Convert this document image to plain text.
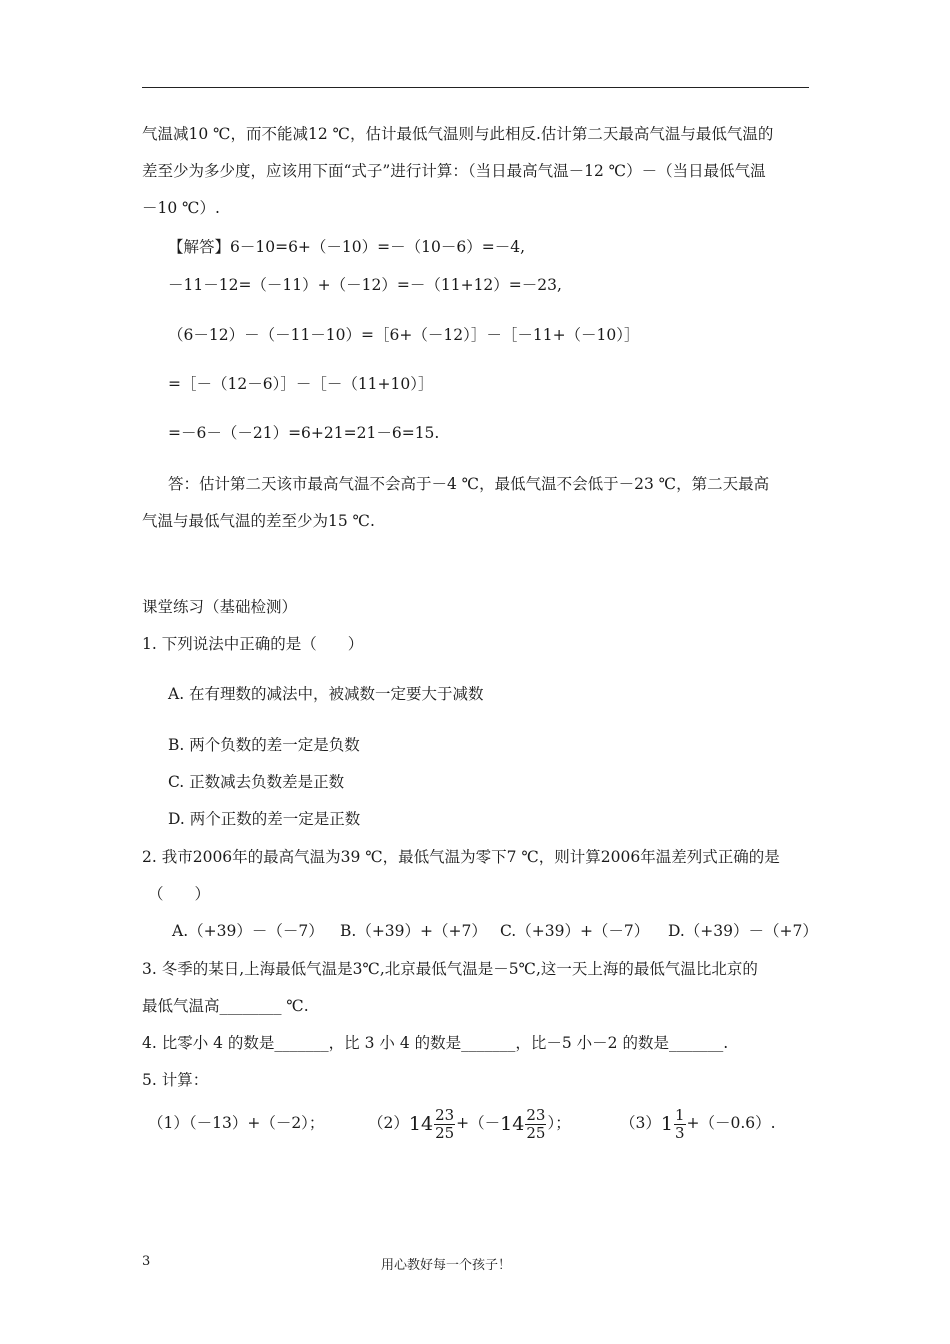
气温减10 ℃，而不能减12 ℃，估计最低气温则与此相反.估计第二天最高气温与最低气温的
差至少为多少度，应该用下面“式子”进行计算：（当日最高气温－12 ℃）－（当日最低气温
－10 ℃）.
【解答】6－10=6+（－10）=－（10－6）=－4,
－11－12=（－11）+（－12）=－（11+12）=－23,
（6－12）－（－11－10）=［6+（－12）］－［－11+（－10）］
=［－（12－6）］－［－（11+10）］
=－6－（－21）=6+21=21－6=15.
答：估计第二天该市最高气温不会高于－4 ℃，最低气温不会低于－23 ℃，第二天最高
气温与最低气温的差至少为15 ℃.
课堂练习（基础检测）
1. 下列说法中正确的是（　　）
A. 在有理数的减法中，被减数一定要大于减数
B. 两个负数的差一定是负数
C. 正数减去负数差是正数
D. 两个正数的差一定是正数
2. 我市2006年的最高气温为39 ℃，最低气温为零下7 ℃，则计算2006年温差列式正确的是
（　　）
A.（+39）－（－7） B.（+39）+（+7） C.（+39）+（－7） D.（+39）－（+7）
3. 冬季的某日,上海最低气温是3℃,北京最低气温是－5℃,这一天上海的最低气温比北京的
最低气温高________ ℃.
4. 比零小 4 的数是_______，比 3 小 4 的数是_______，比－5 小－2 的数是_______.
5. 计算：
（1）（－13）+（－2）；	$(2)14 \frac{23}{25} +(-14 \frac{23}{25}$ ）；	$(3)1 \frac{1}{3} +(-0.6)$.
3	用心教好每一个孩子！
